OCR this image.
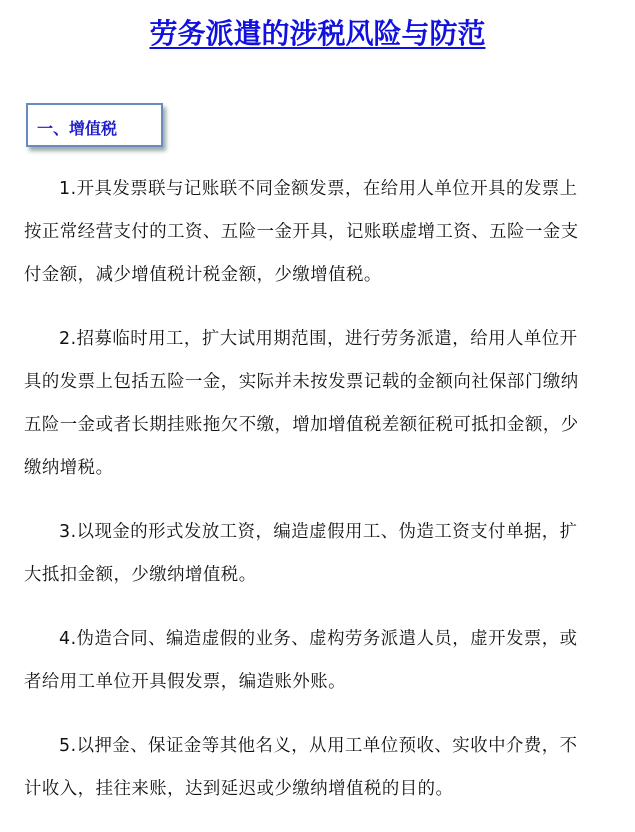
劳务派遣的涉税风险与防范
一、增值税
1.开具发票联与记账联不同金额发票，在给用人单位开具的发票上
按正常经营支付的工资、五险一金开具，记账联虚增工资、五险一金支
付金额，减少增值税计税金额，少缴增值税。
2.招募临时用工，扩大试用期范围，进行劳务派遣，给用人单位开
具的发票上包括五险一金，实际并未按发票记载的金额向社保部门缴纳
五险一金或者长期挂账拖欠不缴，增加增值税差额征税可抵扣金额，少
缴纳增税。
3.以现金的形式发放工资，编造虚假用工、伪造工资支付单据，扩
大抵扣金额，少缴纳增值税。
4.伪造合同、编造虚假的业务、虚构劳务派遣人员，虚开发票，或
者给用工单位开具假发票，编造账外账。
5.以押金、保证金等其他名义，从用工单位预收、实收中介费，不
计收入，挂往来账，达到延迟或少缴纳增值税的目的。
